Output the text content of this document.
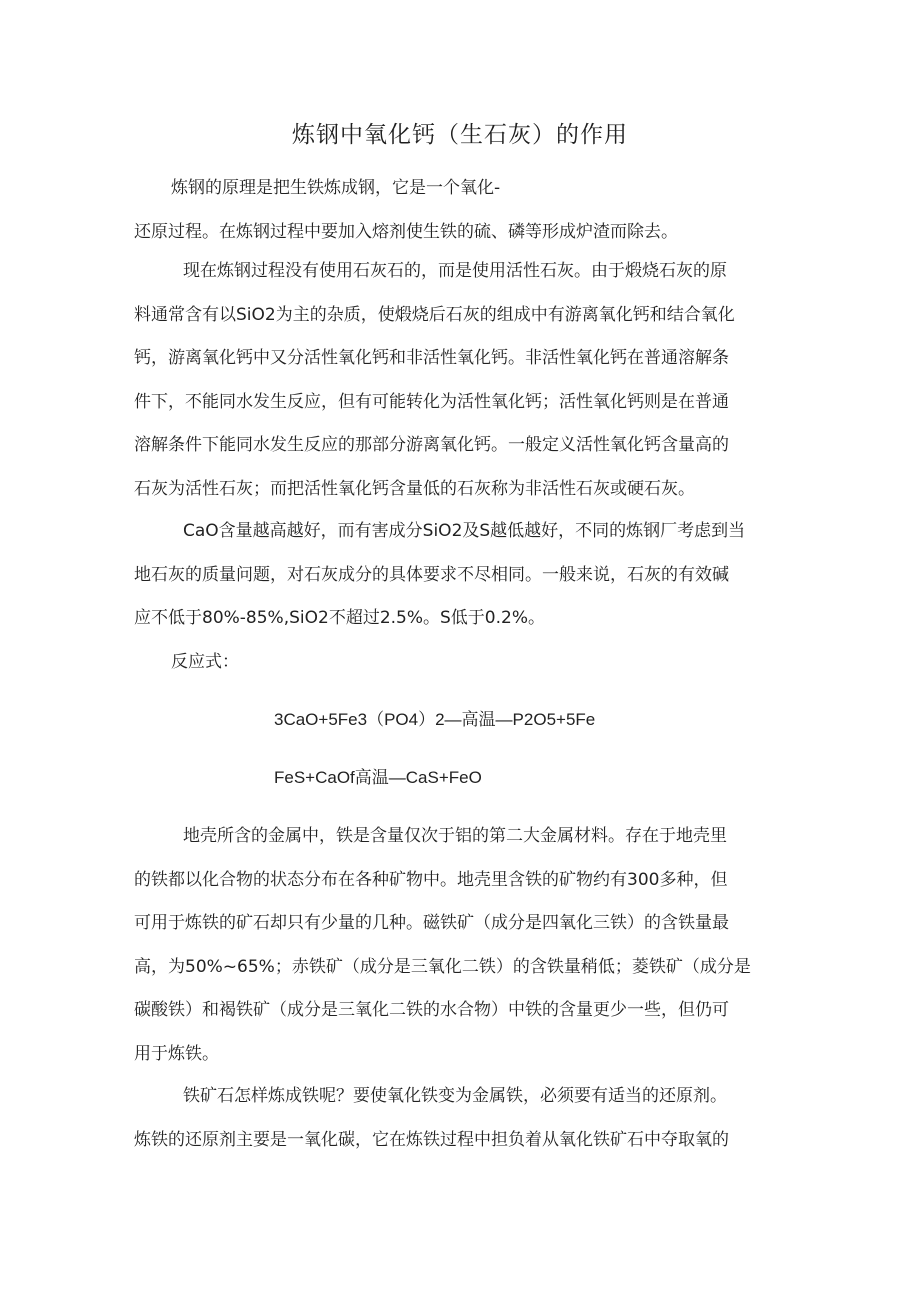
炼钢中氧化钙（生石灰）的作用
炼钢的原理是把生铁炼成钢，它是一个氧化-
还原过程。在炼钢过程中要加入熔剂使生铁的硫、磷等形成炉渣而除去。
现在炼钢过程没有使用石灰石的，而是使用活性石灰。由于煅烧石灰的原
料通常含有以SiO2为主的杂质，使煅烧后石灰的组成中有游离氧化钙和结合氧化
钙，游离氧化钙中又分活性氧化钙和非活性氧化钙。非活性氧化钙在普通溶解条
件下，不能同水发生反应，但有可能转化为活性氧化钙；活性氧化钙则是在普通
溶解条件下能同水发生反应的那部分游离氧化钙。一般定义活性氧化钙含量高的
石灰为活性石灰；而把活性氧化钙含量低的石灰称为非活性石灰或硬石灰。
CaO含量越高越好，而有害成分SiO2及S越低越好，不同的炼钢厂考虑到当
地石灰的质量问题，对石灰成分的具体要求不尽相同。一般来说，石灰的有效碱
应不低于80%-85%,SiO2不超过2.5%。S低于0.2%。
反应式：
3CaO+5Fe3（PO4）2—高温—P2O5+5Fe
FeS+CaOf高温—CaS+FeO
地壳所含的金属中，铁是含量仅次于铝的第二大金属材料。存在于地壳里
的铁都以化合物的状态分布在各种矿物中。地壳里含铁的矿物约有300多种，但
可用于炼铁的矿石却只有少量的几种。磁铁矿（成分是四氧化三铁）的含铁量最
高，为50%~65%；赤铁矿（成分是三氧化二铁）的含铁量稍低；菱铁矿（成分是
碳酸铁）和褐铁矿（成分是三氧化二铁的水合物）中铁的含量更少一些，但仍可
用于炼铁。
铁矿石怎样炼成铁呢？要使氧化铁变为金属铁，必须要有适当的还原剂。
炼铁的还原剂主要是一氧化碳，它在炼铁过程中担负着从氧化铁矿石中夺取氧的
